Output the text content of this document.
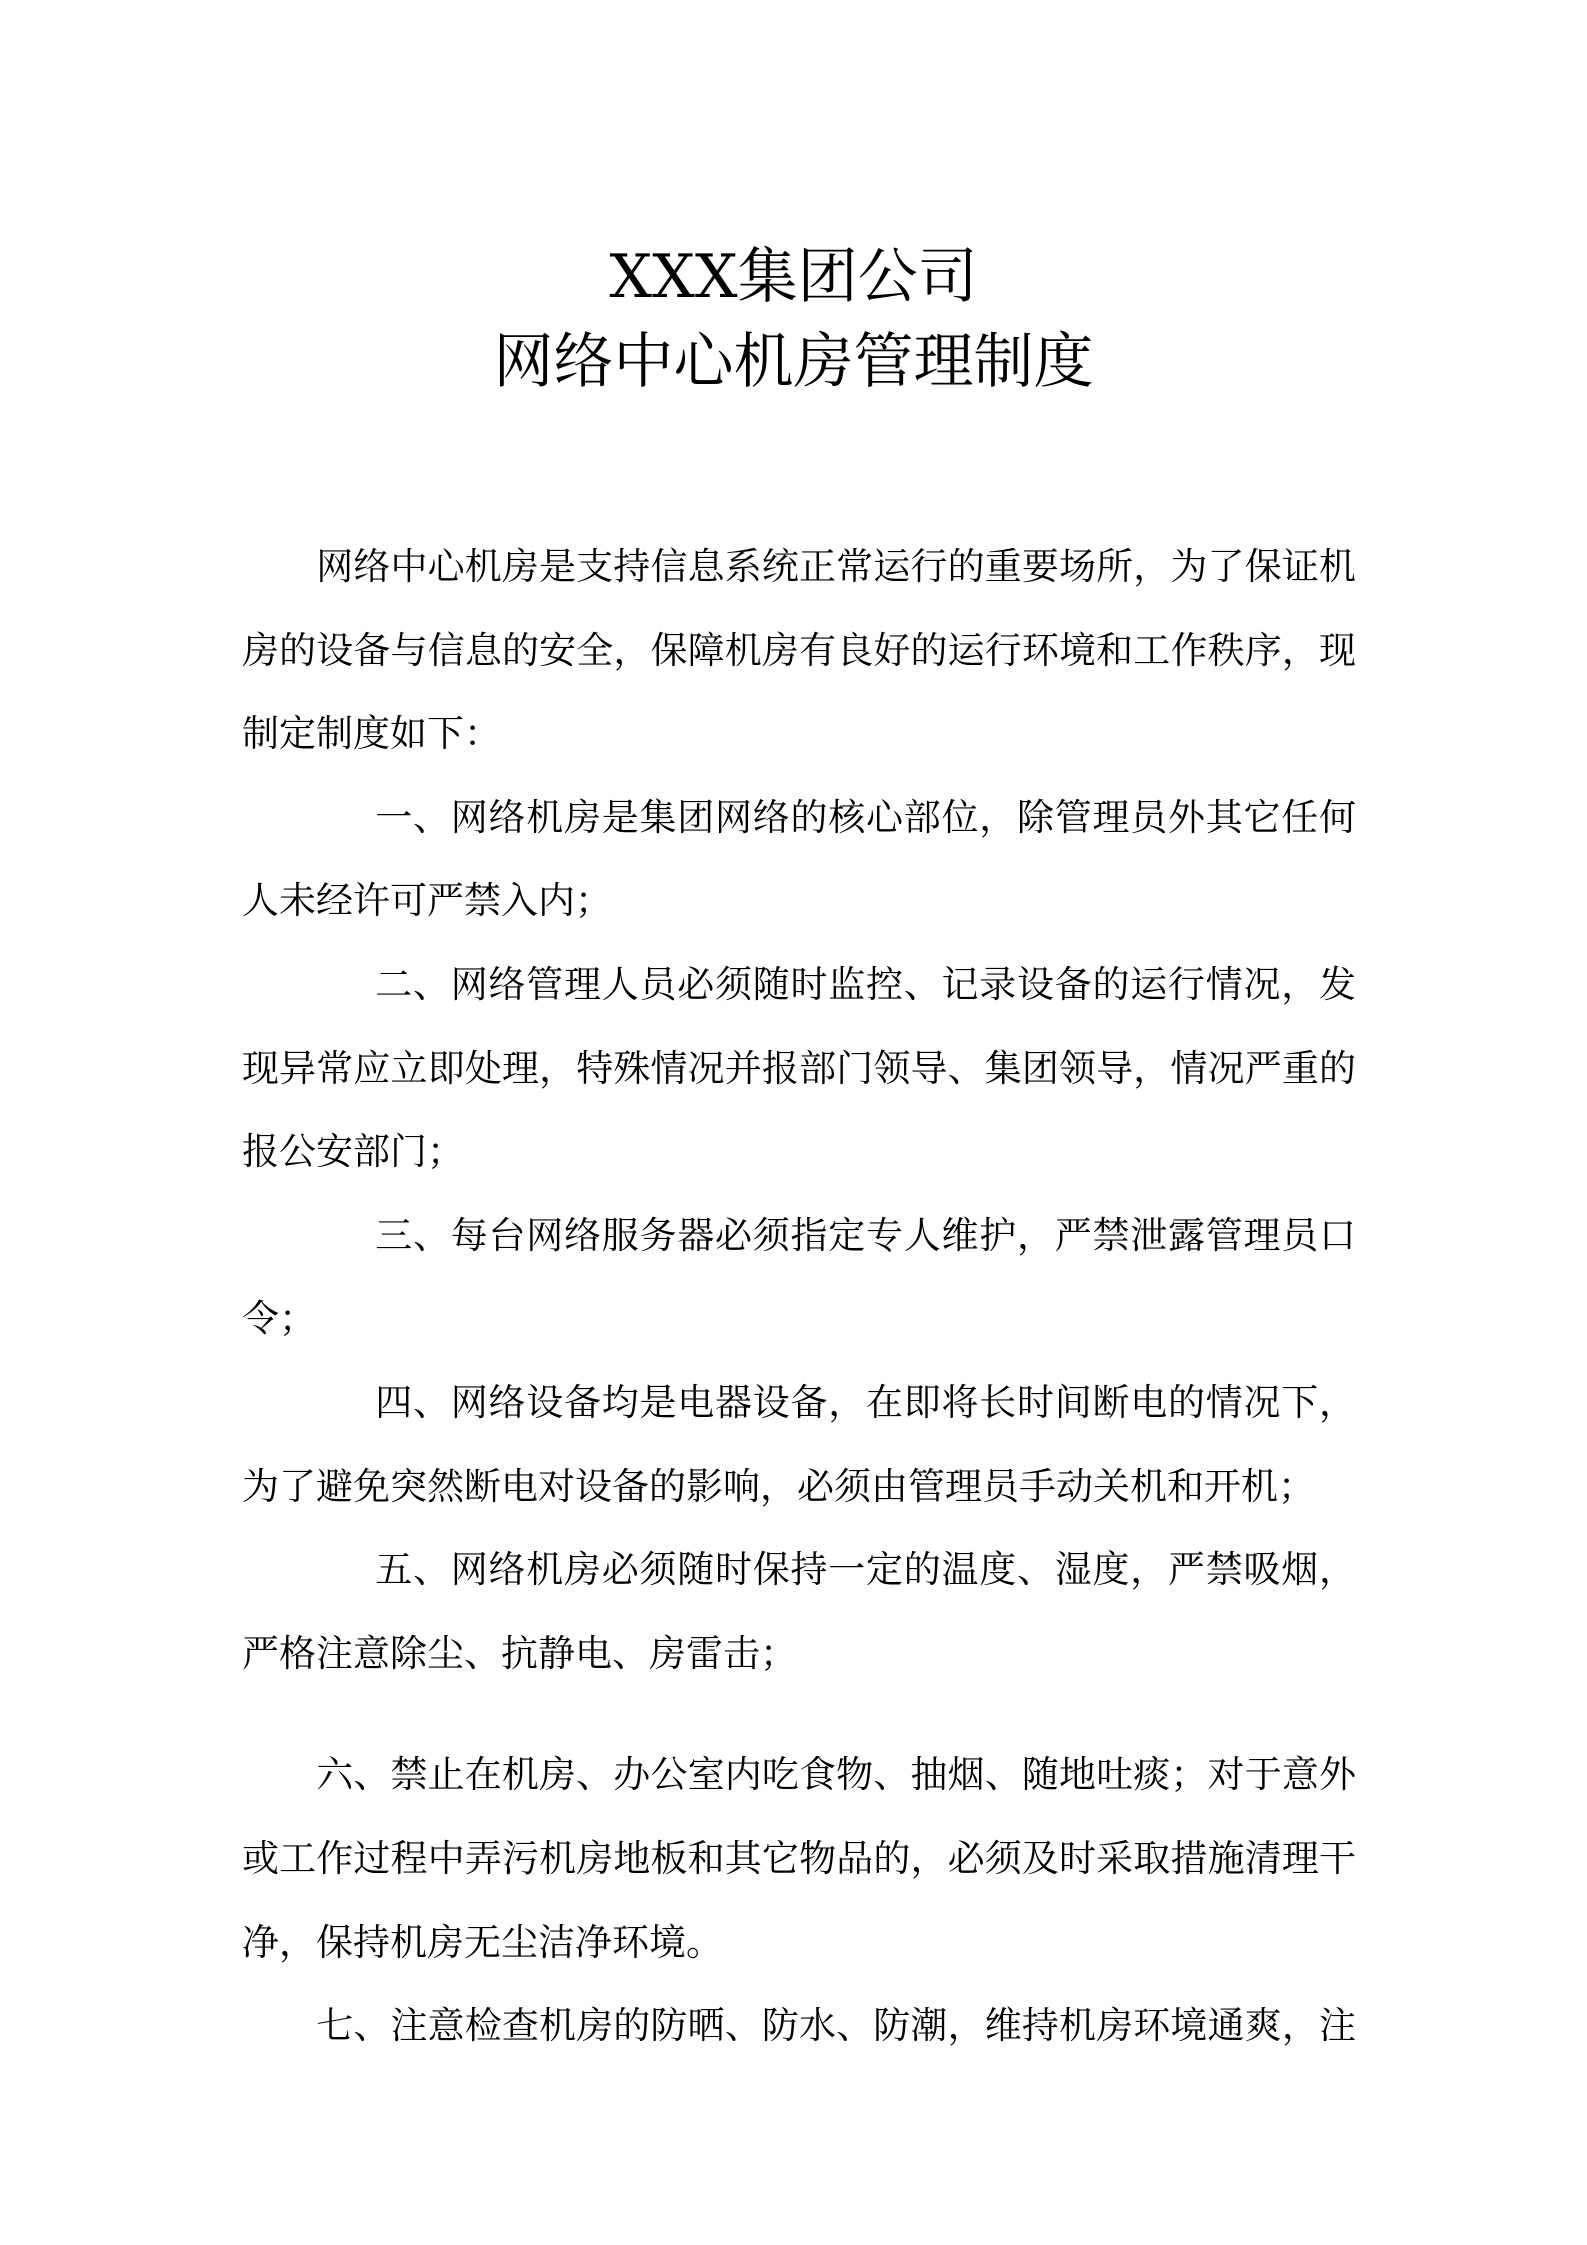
XXX集团公司
网络中心机房管理制度
网络中心机房是支持信息系统正常运行的重要场所，为了保证机
房的设备与信息的安全，保障机房有良好的运行环境和工作秩序，现
制定制度如下：
一、网络机房是集团网络的核心部位，除管理员外其它任何
人未经许可严禁入内；
二、网络管理人员必须随时监控、记录设备的运行情况，发
现异常应立即处理，特殊情况并报部门领导、集团领导，情况严重的
报公安部门；
三、每台网络服务器必须指定专人维护，严禁泄露管理员口
令；
四、网络设备均是电器设备，在即将长时间断电的情况下，
为了避免突然断电对设备的影响，必须由管理员手动关机和开机；
五、网络机房必须随时保持一定的温度、湿度，严禁吸烟，
严格注意除尘、抗静电、房雷击；
六、禁止在机房、办公室内吃食物、抽烟、随地吐痰；对于意外
或工作过程中弄污机房地板和其它物品的，必须及时采取措施清理干
净，保持机房无尘洁净环境。
七、注意检查机房的防晒、防水、防潮，维持机房环境通爽，注
